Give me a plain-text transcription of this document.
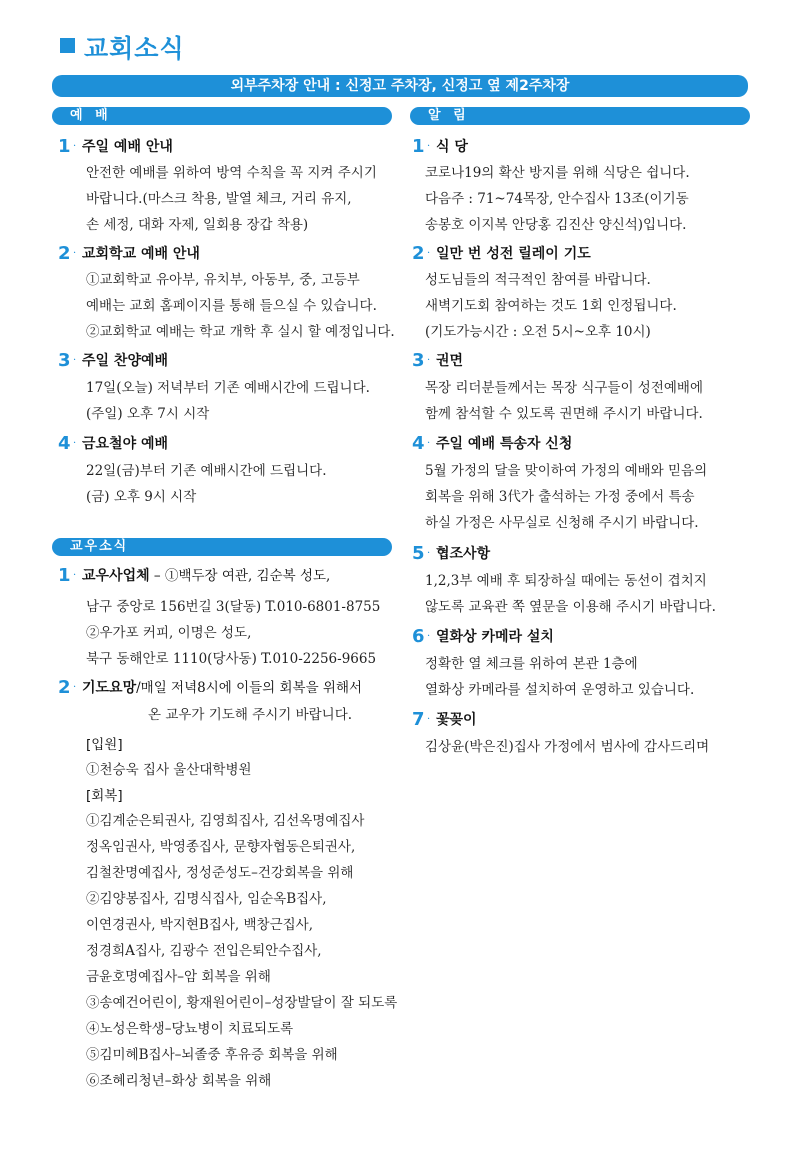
교회소식
외부주차장 안내 : 신정고 주차장, 신정고 옆 제2주차장
예 배
교우소식
알 림
1 · 주일 예배 안내
안전한 예배를 위하여 방역 수칙을 꼭 지켜 주시기
바랍니다.(마스크 착용, 발열 체크, 거리 유지,
손 세정, 대화 자제, 일회용 장갑 착용)
2 · 교회학교 예배 안내
①교회학교 유아부, 유치부, 아동부, 중, 고등부
예배는 교회 홈페이지를 통해 들으실 수 있습니다.
②교회학교 예배는 학교 개학 후 실시 할 예정입니다.
3 · 주일 찬양예배
17일(오늘) 저녁부터 기존 예배시간에 드립니다.
(주일) 오후 7시 시작
4 · 금요철야 예배
22일(금)부터 기존 예배시간에 드립니다.
(금) 오후 9시 시작
1 · 교우사업체 – ①백두장 여관, 김순복 성도,
남구 중앙로 156번길 3(달동) T.010-6801-8755
②우가포 커피, 이명은 성도,
북구 동해안로 1110(당사동) T.010-2256-9665
2 · 기도요망/매일 저녁8시에 이들의 회복을 위해서
온 교우가 기도해 주시기 바랍니다.
[입원]
①천승욱 집사 울산대학병원
[회복]
①김계순은퇴권사, 김영희집사, 김선옥명예집사
정옥임권사, 박영종집사, 문향자협동은퇴권사,
김철찬명예집사, 정성준성도–건강회복을 위해
②김양봉집사, 김명식집사, 임순옥B집사,
이연경권사, 박지현B집사, 백창근집사,
정경희A집사, 김광수 전입은퇴안수집사,
금윤호명예집사–암 회복을 위해
③송예건어린이, 황재원어린이–성장발달이 잘 되도록
④노성은학생–당뇨병이 치료되도록
⑤김미혜B집사–뇌졸중 후유증 회복을 위해
⑥조혜리청년–화상 회복을 위해
1 · 식 당
코로나19의 확산 방지를 위해 식당은 쉽니다.
다음주 : 71~74목장, 안수집사 13조(이기동
송봉호 이지복 안당홍 김진산 양신석)입니다.
2 · 일만 번 성전 릴레이 기도
성도님들의 적극적인 참여를 바랍니다.
새벽기도회 참여하는 것도 1회 인정됩니다.
(기도가능시간 : 오전 5시~오후 10시)
3 · 권면
목장 리더분들께서는 목장 식구들이 성전예배에
함께 참석할 수 있도록 권면해 주시기 바랍니다.
4 · 주일 예배 특송자 신청
5월 가정의 달을 맞이하여 가정의 예배와 믿음의
회복을 위해 3代가 출석하는 가정 중에서 특송
하실 가정은 사무실로 신청해 주시기 바랍니다.
5 · 협조사항
1,2,3부 예배 후 퇴장하실 때에는 동선이 겹치지
않도록 교육관 쪽 옆문을 이용해 주시기 바랍니다.
6 · 열화상 카메라 설치
정확한 열 체크를 위하여 본관 1층에
열화상 카메라를 설치하여 운영하고 있습니다.
7 · 꽃꽂이
김상윤(박은진)집사 가정에서 범사에 감사드리며
